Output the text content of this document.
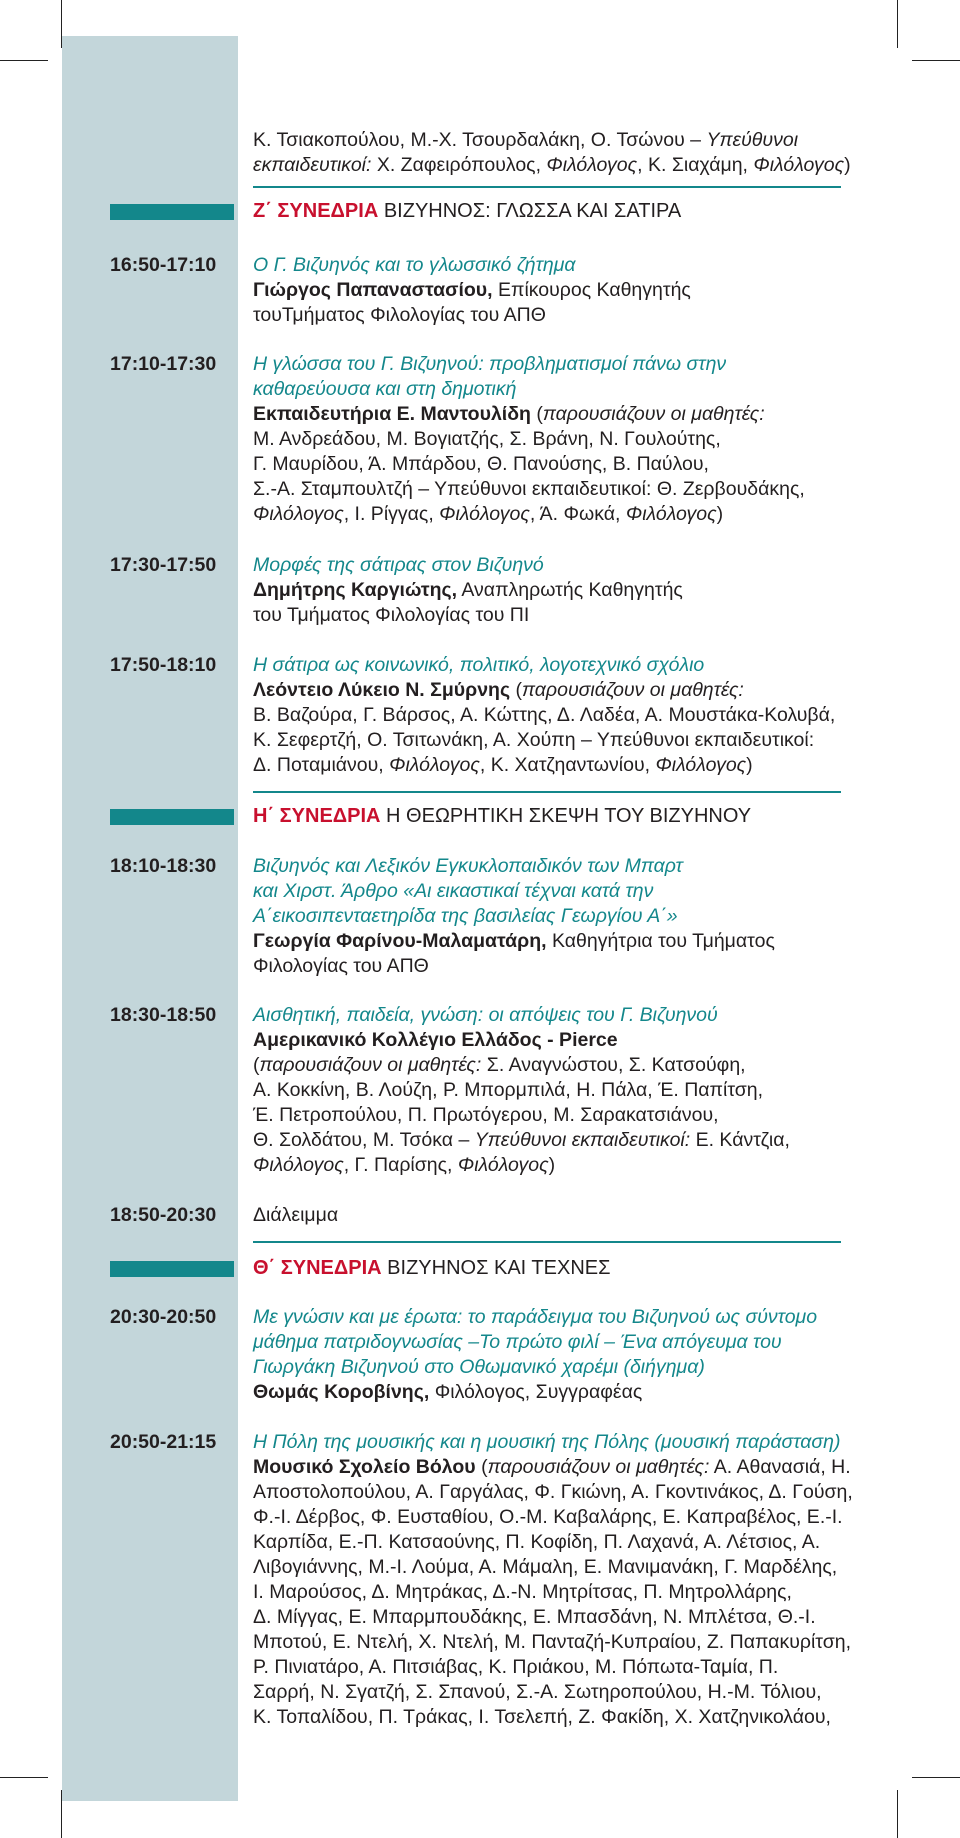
Κ. Τσιακοπούλου, Μ.-Χ. Τσουρδαλάκη, Ο. Τσώνου – Υπεύθυνοι
εκπαιδευτικοί: Χ. Ζαφειρόπουλος, Φιλόλογος, Κ. Σιαχάμη, Φιλόλογος)
Ζ΄ ΣΥΝΕΔΡΙΑ ΒΙΖΥΗΝΟΣ: ΓΛΩΣΣΑ ΚΑΙ ΣΑΤΙΡΑ
16:50-17:10 Ο Γ. Βιζυηνός και το γλωσσικό ζήτημα
Γιώργος Παπαναστασίου, Επίκουρος Καθηγητής
τουΤμήματος Φιλολογίας του ΑΠΘ
17:10-17:30 Η γλώσσα του Γ. Βιζυηνού: προβληματισμοί πάνω στην
καθαρεύουσα και στη δημοτική
Εκπαιδευτήρια Ε. Μαντουλίδη (παρουσιάζουν οι μαθητές:
Μ. Ανδρεάδου, Μ. Βογιατζής, Σ. Βράνη, Ν. Γουλούτης,
Γ. Μαυρίδου, Ά. Μπάρδου, Θ. Πανούσης, Β. Παύλου,
Σ.-Α. Σταμπουλτζή – Υπεύθυνοι εκπαιδευτικοί: Θ. Ζερβουδάκης,
Φιλόλογος, Ι. Ρίγγας, Φιλόλογος, Ά. Φωκά, Φιλόλογος)
17:30-17:50 Μορφές της σάτιρας στον Βιζυηνό
Δημήτρης Καργιώτης, Αναπληρωτής Καθηγητής
του Τμήματος Φιλολογίας του ΠΙ
17:50-18:10 Η σάτιρα ως κοινωνικό, πολιτικό, λογοτεχνικό σχόλιο
Λεόντειο Λύκειο Ν. Σμύρνης (παρουσιάζουν οι μαθητές:
Β. Βαζούρα, Γ. Βάρσος, Α. Κώττης, Δ. Λαδέα, Α. Μουστάκα-Κολυβά,
Κ. Σεφερτζή, Ο. Τσιτωνάκη, Α. Χούπη – Υπεύθυνοι εκπαιδευτικοί:
Δ. Ποταμιάνου, Φιλόλογος, Κ. Χατζηαντωνίου, Φιλόλογος)
Η΄ ΣΥΝΕΔΡΙΑ Η ΘΕΩΡΗΤΙΚΗ ΣΚΕΨΗ ΤΟΥ ΒΙΖΥΗΝΟΥ
18:10-18:30 Βιζυηνός και Λεξικόν Εγκυκλοπαιδικόν των Μπαρτ
και Χιρστ. Άρθρο «Αι εικαστικαί τέχναι κατά την
Α΄εικοσιπενταετηρίδα της βασιλείας Γεωργίου Α΄»
Γεωργία Φαρίνου-Μαλαματάρη, Καθηγήτρια του Τμήματος
Φιλολογίας του ΑΠΘ
18:30-18:50 Αισθητική, παιδεία, γνώση: οι απόψεις του Γ. Βιζυηνού
Αμερικανικό Κολλέγιο Ελλάδος - Pierce
(παρουσιάζουν οι μαθητές: Σ. Αναγνώστου, Σ. Κατσούφη,
Α. Κοκκίνη, Β. Λούζη, Ρ. Μπορμπιλά, Η. Πάλα, Έ. Παπίτση,
Έ. Πετροπούλου, Π. Πρωτόγερου, Μ. Σαρακατσιάνου,
Θ. Σολδάτου, Μ. Τσόκα – Υπεύθυνοι εκπαιδευτικοί: Ε. Κάντζια,
Φιλόλογος, Γ. Παρίσης, Φιλόλογος)
18:50-20:30 Διάλειμμα
Θ΄ ΣΥΝΕΔΡΙΑ ΒΙΖΥΗΝΟΣ ΚΑΙ ΤΕΧΝΕΣ
20:30-20:50 Με γνώσιν και με έρωτα: το παράδειγμα του Βιζυηνού ως σύντομο
μάθημα πατριδογνωσίας –Το πρώτο φιλί – Ένα απόγευμα του
Γιωργάκη Βιζυηνού στο Οθωμανικό χαρέμι (διήγημα)
Θωμάς Κοροβίνης, Φιλόλογος, Συγγραφέας
20:50-21:15 Η Πόλη της μουσικής και η μουσική της Πόλης (μουσική παράσταση)
Μουσικό Σχολείο Βόλου (παρουσιάζουν οι μαθητές: Α. Αθανασιά, Η.
Αποστολοπούλου, Α. Γαργάλας, Φ. Γκιώνη, Α. Γκοντινάκος, Δ. Γούση,
Φ.-Ι. Δέρβος, Φ. Ευσταθίου, Ο.-Μ. Καβαλάρης, Ε. Καπραβέλος, Ε.-Ι.
Καρπίδα, Ε.-Π. Κατσαούνης, Π. Κοφίδη, Π. Λαχανά, Α. Λέτσιος, Α.
Λιβογιάννης, Μ.-Ι. Λούμα, Α. Μάμαλη, Ε. Μανιμανάκη, Γ. Μαρδέλης,
Ι. Μαρούσος, Δ. Μητράκας, Δ.-Ν. Μητρίτσας, Π. Μητρολλάρης,
Δ. Μίγγας, Ε. Μπαρμπουδάκης, Ε. Μπασδάνη, Ν. Μπλέτσα, Θ.-Ι.
Μποτού, Ε. Ντελή, Χ. Ντελή, Μ. Πανταζή-Κυπραίου, Ζ. Παπακυρίτση,
Ρ. Πινιατάρο, Α. Πιτσιάβας, Κ. Πριάκου, Μ. Πόπωτα-Ταμία, Π.
Σαρρή, Ν. Σγατζή, Σ. Σπανού, Σ.-Α. Σωτηροπούλου, Η.-Μ. Τόλιου,
Κ. Τοπαλίδου, Π. Τράκας, Ι. Τσελεπή, Ζ. Φακίδη, Χ. Χατζηνικολάου,
